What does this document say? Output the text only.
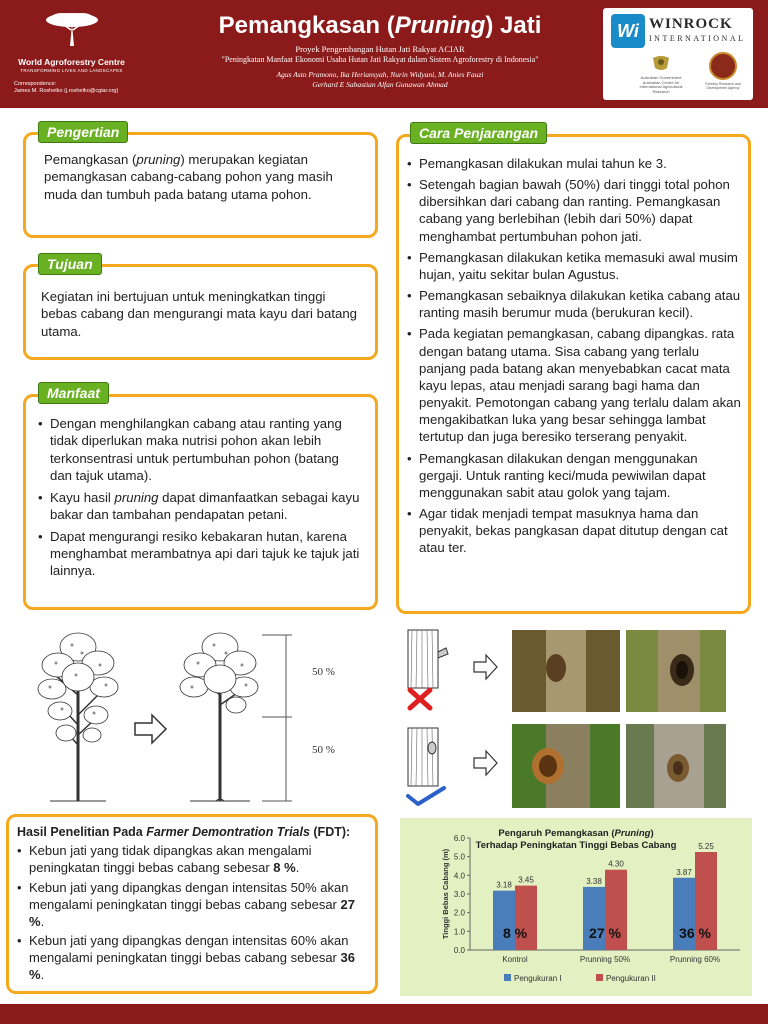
World Agroforestry Centre
TRANSFORMING LIVES AND LANDSCAPES
Correspondence:
James M. Roshetko (j.roshetko@cgiar.org)
Pemangkasan (Pruning) Jati
Proyek Pengembangan Hutan Jati Rakyat ACIAR
"Peningkatan Manfaat Ekonomi Usaha Hutan Jati Rakyat dalam Sistem Agroforestry di Indonesia"
Agus Asto Pramono, Ika Heriansyah, Nurin Widyani, M. Anies Fauzi
Gerhard E Sabastian Alfan Gunawan Ahmad
Wi WINROCK
INTERNATIONAL
Australian Government
Australian Centre for International Agricultural Research
Forestry Research and Development Agency
Pemangkasan (pruning) merupakan kegiatan pemangkasan cabang-cabang pohon yang masih muda dan tumbuh pada batang utama pohon.
Pengertian
Kegiatan ini bertujuan untuk meningkatkan tinggi bebas cabang dan mengurangi mata kayu dari batang utama.
Tujuan
• Dengan menghilangkan cabang atau ranting yang tidak diperlukan maka nutrisi pohon akan lebih terkonsentrasi untuk pertumbuhan pohon (batang dan tajuk utama).
• Kayu hasil pruning dapat dimanfaatkan sebagai kayu bakar dan tambahan pendapatan petani.
• Dapat mengurangi resiko kebakaran hutan, karena menghambat merambatnya api dari tajuk ke tajuk jati lainnya.
Manfaat
• Pemangkasan dilakukan mulai tahun ke 3.
• Setengah bagian bawah (50%) dari tinggi total pohon dibersihkan dari cabang dan ranting. Pemangkasan cabang yang berlebihan (lebih dari 50%) dapat menghambat pertumbuhan pohon jati.
• Pemangkasan dilakukan ketika memasuki awal musim hujan, yaitu sekitar bulan Agustus.
• Pemangkasan sebaiknya dilakukan ketika cabang atau ranting masih berumur muda (berukuran kecil).
• Pada kegiatan pemangkasan, cabang dipangkas. rata dengan batang utama. Sisa cabang yang terlalu panjang pada batang akan menyebabkan cacat mata kayu lepas, atau menjadi sarang bagi hama dan penyakit. Pemotongan cabang yang terlalu dalam akan mengakibatkan luka yang besar sehingga lambat tertutup dan juga beresiko terserang penyakit.
• Pemangkasan dilakukan dengan menggunakan gergaji. Untuk ranting keci/muda pewiwilan dapat menggunakan sabit atau golok yang tajam.
• Agar tidak menjadi tempat masuknya hama dan penyakit, bekas pangkasan dapat ditutup dengan cat atau ter.
Cara Penjarangan
50 %
50 %
Hasil Penelitian Pada Farmer Demontration Trials (FDT):
• Kebun jati yang tidak dipangkas akan mengalami peningkatan tinggi bebas cabang sebesar 8 %.
• Kebun jati yang dipangkas dengan intensitas 50% akan mengalami peningkatan tinggi bebas cabang sebesar 27 %.
• Kebun jati yang dipangkas dengan intensitas 60% akan mengalami peningkatan tinggi bebas cabang sebesar 36 %.
Pengaruh Pemangkasan (Pruning)
Terhadap Peningkatan Tinggi Bebas Cabang
0.0
1.0
2.0
3.0
4.0
5.0
6.0
Tinggi Bebas Cabang (m)	3.18
3.45
Kontrol
8 %
3.38
4.30
Prunning 50%
27 %
3.87
5.25
Prunning 60%
36 %
Pengukuran I	Pengukuran II
